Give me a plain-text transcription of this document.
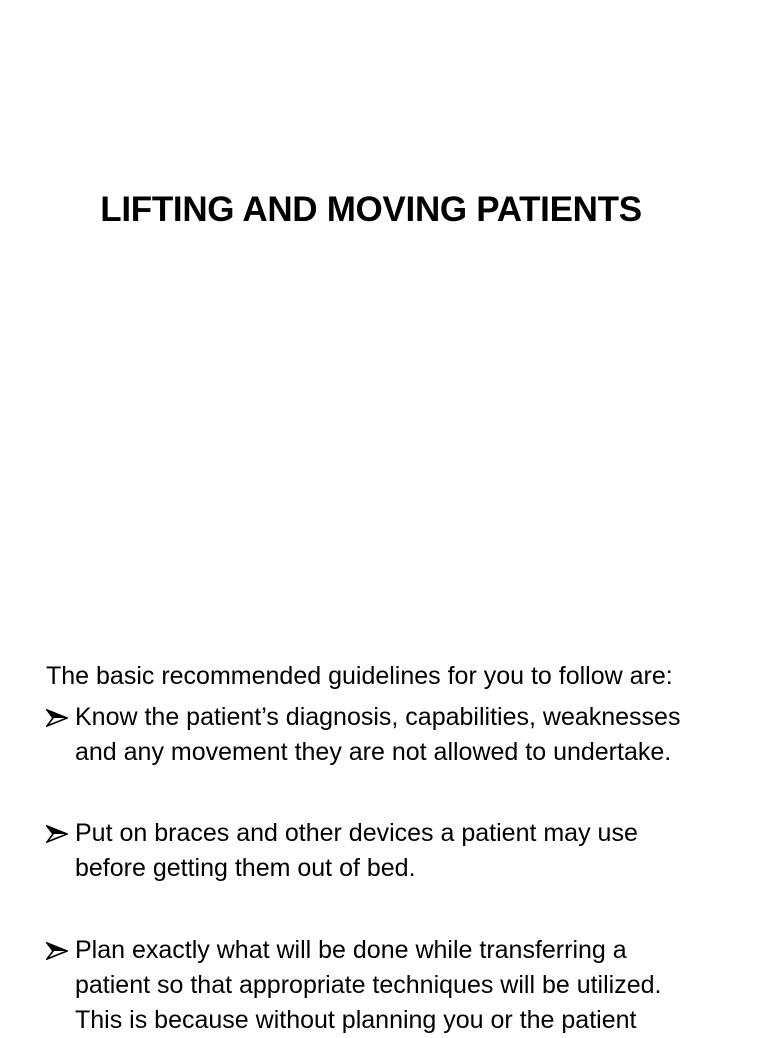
LIFTING AND MOVING PATIENTS
The basic recommended guidelines for you to follow are:
Know the patient’s diagnosis, capabilities, weaknesses
and any movement they are not allowed to undertake.
Put on braces and other devices a patient may use
before getting them out of bed.
Plan exactly what will be done while transferring a
patient so that appropriate techniques will be utilized.
This is because without planning you or the patient
